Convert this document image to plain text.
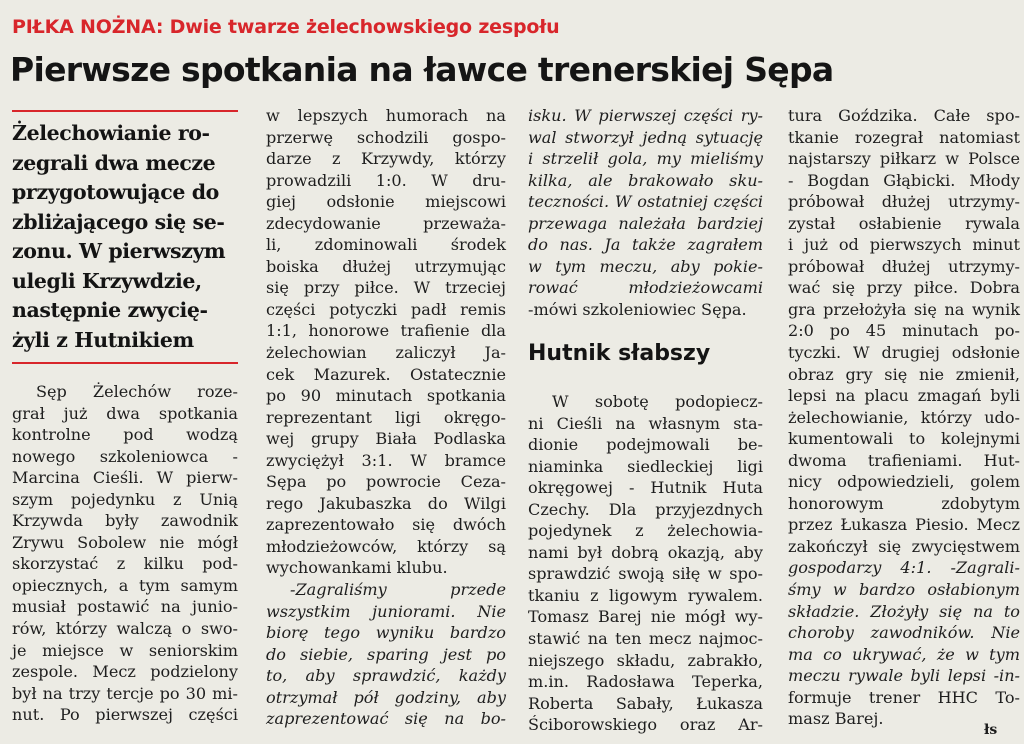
PIŁKA NOŻNA: Dwie twarze żelechowskiego zespołu
Pierwsze spotkania na ławce trenerskiej Sępa
Żelechowianie ro-
zegrali dwa mecze
przygotowujące do
zbliżającego się se-
zonu. W pierwszym
ulegli Krzywdzie,
następnie zwycię-
żyli z Hutnikiem
Sęp Żelechów roze-
grał już dwa spotkania
kontrolne pod wodzą
nowego szkoleniowca -
Marcina Cieśli. W pierw-
szym pojedynku z Unią
Krzywda były zawodnik
Zrywu Sobolew nie mógł
skorzystać z kilku pod-
opiecznych, a tym samym
musiał postawić na junio-
rów, którzy walczą o swo-
je miejsce w seniorskim
zespole. Mecz podzielony
był na trzy tercje po 30 mi-
nut. Po pierwszej części
w lepszych humorach na
przerwę schodzili gospo-
darze z Krzywdy, którzy
prowadzili 1:0. W dru-
giej odsłonie miejscowi
zdecydowanie przeważa-
li, zdominowali środek
boiska dłużej utrzymując
się przy piłce. W trzeciej
części potyczki padł remis
1:1, honorowe trafienie dla
żelechowian zaliczył Ja-
cek Mazurek. Ostatecznie
po 90 minutach spotkania
reprezentant ligi okręgo-
wej grupy Biała Podlaska
zwyciężył 3:1. W bramce
Sępa po powrocie Ceza-
rego Jakubaszka do Wilgi
zaprezentowało się dwóch
młodzieżowców, którzy są
wychowankami klubu.
-Zagraliśmy przede
wszystkim juniorami. Nie
biorę tego wyniku bardzo
do siebie, sparing jest po
to, aby sprawdzić, każdy
otrzymał pół godziny, aby
zaprezentować się na bo-
isku. W pierwszej części ry-
wal stworzył jedną sytuację
i strzelił gola, my mieliśmy
kilka, ale brakowało sku-
teczności. W ostatniej części
przewaga należała bardziej
do nas. Ja także zagrałem
w tym meczu, aby pokie-
rować młodzieżowcami
-mówi szkoleniowiec Sępa.
Hutnik słabszy
W sobotę podopiecz-
ni Cieśli na własnym sta-
dionie podejmowali be-
niaminka siedleckiej ligi
okręgowej - Hutnik Huta
Czechy. Dla przyjezdnych
pojedynek z żelechowia-
nami był dobrą okazją, aby
sprawdzić swoją siłę w spo-
tkaniu z ligowym rywalem.
Tomasz Barej nie mógł wy-
stawić na ten mecz najmoc-
niejszego składu, zabrakło,
m.in. Radosława Teperka,
Roberta Sabały, Łukasza
Ściborowskiego oraz Ar-
tura Goździka. Całe spo-
tkanie rozegrał natomiast
najstarszy piłkarz w Polsce
- Bogdan Głąbicki. Młody
próbował dłużej utrzymy-
zystał osłabienie rywala
i już od pierwszych minut
próbował dłużej utrzymy-
wać się przy piłce. Dobra
gra przełożyła się na wynik
2:0 po 45 minutach po-
tyczki. W drugiej odsłonie
obraz gry się nie zmienił,
lepsi na placu zmagań byli
żelechowianie, którzy udo-
kumentowali to kolejnymi
dwoma trafieniami. Hut-
nicy odpowiedzieli, golem
honorowym zdobytym
przez Łukasza Piesio. Mecz
zakończył się zwycięstwem
gospodarzy 4:1. -Zagrali-
śmy w bardzo osłabionym
składzie. Złożyły się na to
choroby zawodników. Nie
ma co ukrywać, że w tym
meczu rywale byli lepsi -in-
formuje trener HHC To-
masz Barej.
łs
